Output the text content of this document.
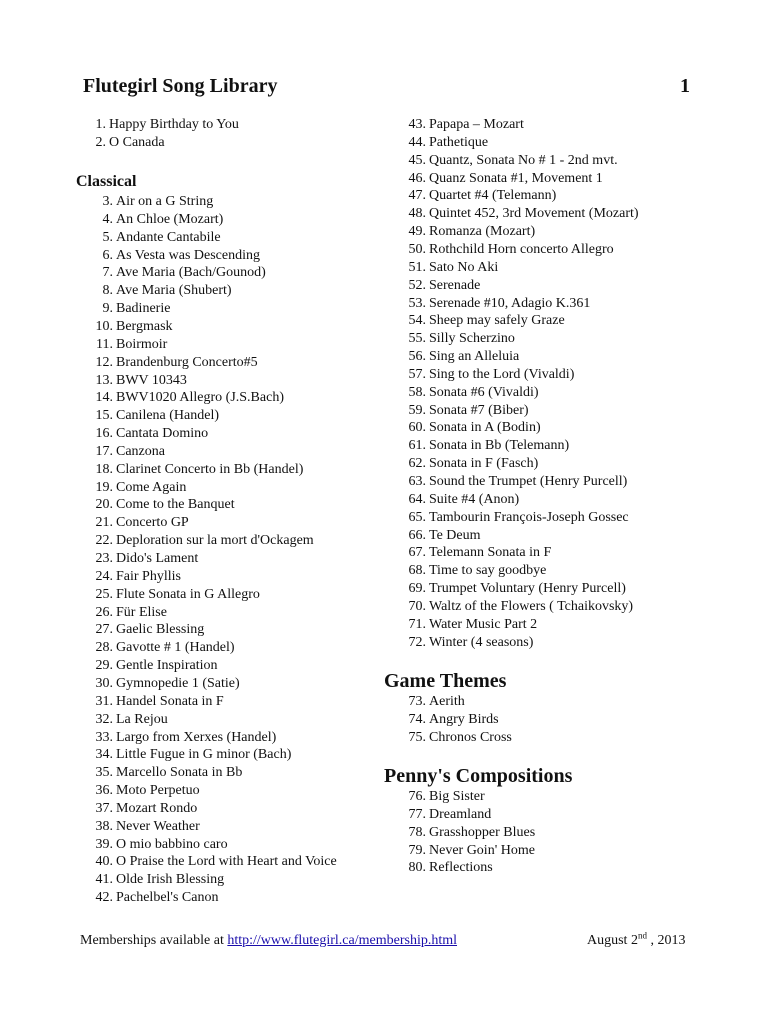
Flutegirl Song Library	1
Classical
Game Themes
Penny's Compositions
1. Happy Birthday to You
2. O Canada
3. Air on a G String
4. An Chloe (Mozart)
5. Andante Cantabile
6. As Vesta was Descending
7. Ave Maria (Bach/Gounod)
8. Ave Maria (Shubert)
9. Badinerie
10. Bergmask
11. Boirmoir
12. Brandenburg Concerto#5
13. BWV 10343
14. BWV1020 Allegro (J.S.Bach)
15. Canilena (Handel)
16. Cantata Domino
17. Canzona
18. Clarinet Concerto in Bb (Handel)
19. Come Again
20. Come to the Banquet
21. Concerto GP
22. Deploration sur la mort d'Ockagem
23. Dido's Lament
24. Fair Phyllis
25. Flute Sonata in G Allegro
26. Für Elise
27. Gaelic Blessing
28. Gavotte # 1 (Handel)
29. Gentle Inspiration
30. Gymnopedie 1 (Satie)
31. Handel Sonata in F
32. La Rejou
33. Largo from Xerxes (Handel)
34. Little Fugue in G minor (Bach)
35. Marcello Sonata in Bb
36. Moto Perpetuo
37. Mozart Rondo
38. Never Weather
39. O mio babbino caro
40. O Praise the Lord with Heart and Voice
41. Olde Irish Blessing
42. Pachelbel's Canon
43. Papapa – Mozart
44. Pathetique
45. Quantz, Sonata No # 1 - 2nd mvt.
46. Quanz Sonata #1, Movement 1
47. Quartet #4 (Telemann)
48. Quintet 452, 3rd Movement (Mozart)
49. Romanza (Mozart)
50. Rothchild Horn concerto Allegro
51. Sato No Aki
52. Serenade
53. Serenade #10, Adagio K.361
54. Sheep may safely Graze
55. Silly Scherzino
56. Sing an Alleluia
57. Sing to the Lord (Vivaldi)
58. Sonata #6 (Vivaldi)
59. Sonata #7 (Biber)
60. Sonata in A (Bodin)
61. Sonata in Bb (Telemann)
62. Sonata in F (Fasch)
63. Sound the Trumpet (Henry Purcell)
64. Suite #4 (Anon)
65. Tambourin François-Joseph Gossec
66. Te Deum
67. Telemann Sonata in F
68. Time to say goodbye
69. Trumpet Voluntary (Henry Purcell)
70. Waltz of the Flowers ( Tchaikovsky)
71. Water Music Part 2
72. Winter (4 seasons)
73. Aerith
74. Angry Birds
75. Chronos Cross
76. Big Sister
77. Dreamland
78. Grasshopper Blues
79. Never Goin' Home
80. Reflections
Memberships available at http://www.flutegirl.ca/membership.html	August 2nd , 2013
